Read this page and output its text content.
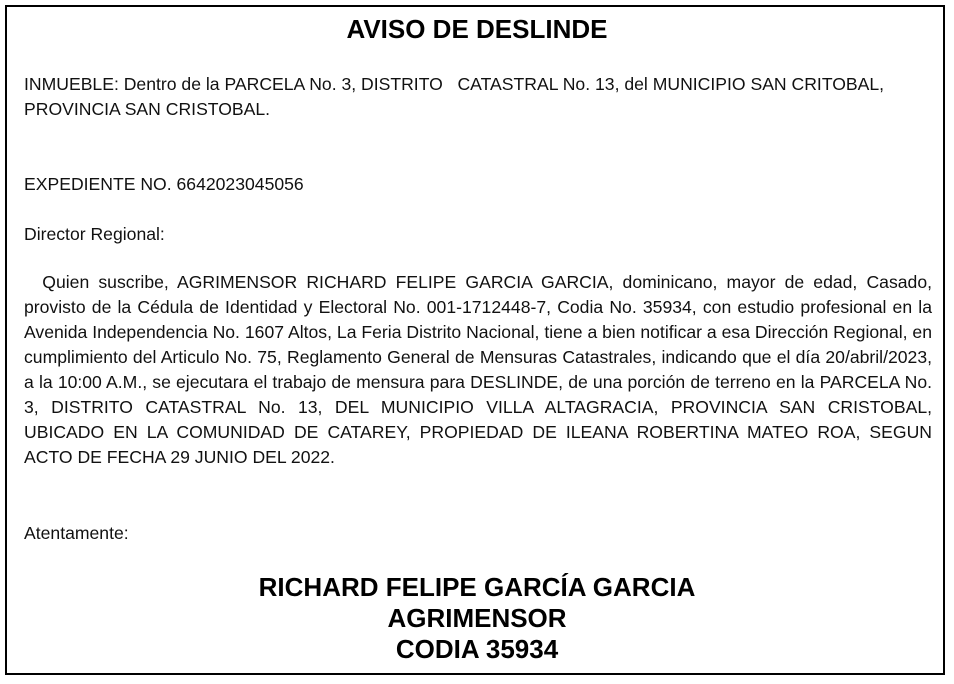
AVISO DE DESLINDE
INMUEBLE: Dentro de la PARCELA No. 3, DISTRITO   CATASTRAL No. 13, del MUNICIPIO SAN CRITOBAL,
PROVINCIA SAN CRISTOBAL.
EXPEDIENTE NO. 6642023045056
Director Regional:
Quien suscribe, AGRIMENSOR RICHARD FELIPE GARCIA GARCIA, dominicano, mayor de edad, Casado, provisto de la Cédula de Identidad y Electoral No. 001-1712448-7, Codia No. 35934, con estudio profesional en la Avenida Independencia No. 1607 Altos, La Feria Distrito Nacional, tiene a bien notificar a esa Dirección Regional, en cumplimiento del Articulo No. 75, Reglamento General de Mensuras Catastrales, indicando que el día 20/abril/2023, a la 10:00 A.M., se ejecutara el trabajo de mensura para DESLINDE, de una porción de terreno en la PARCELA No. 3, DISTRITO CATASTRAL No. 13, DEL MUNICIPIO VILLA ALTAGRACIA, PROVINCIA SAN CRISTOBAL, UBICADO EN LA COMUNIDAD DE CATAREY, PROPIEDAD DE ILEANA ROBERTINA MATEO ROA, SEGUN ACTO DE FECHA 29 JUNIO DEL 2022.
Atentamente:
RICHARD FELIPE GARCÍA GARCIA
AGRIMENSOR
CODIA 35934
